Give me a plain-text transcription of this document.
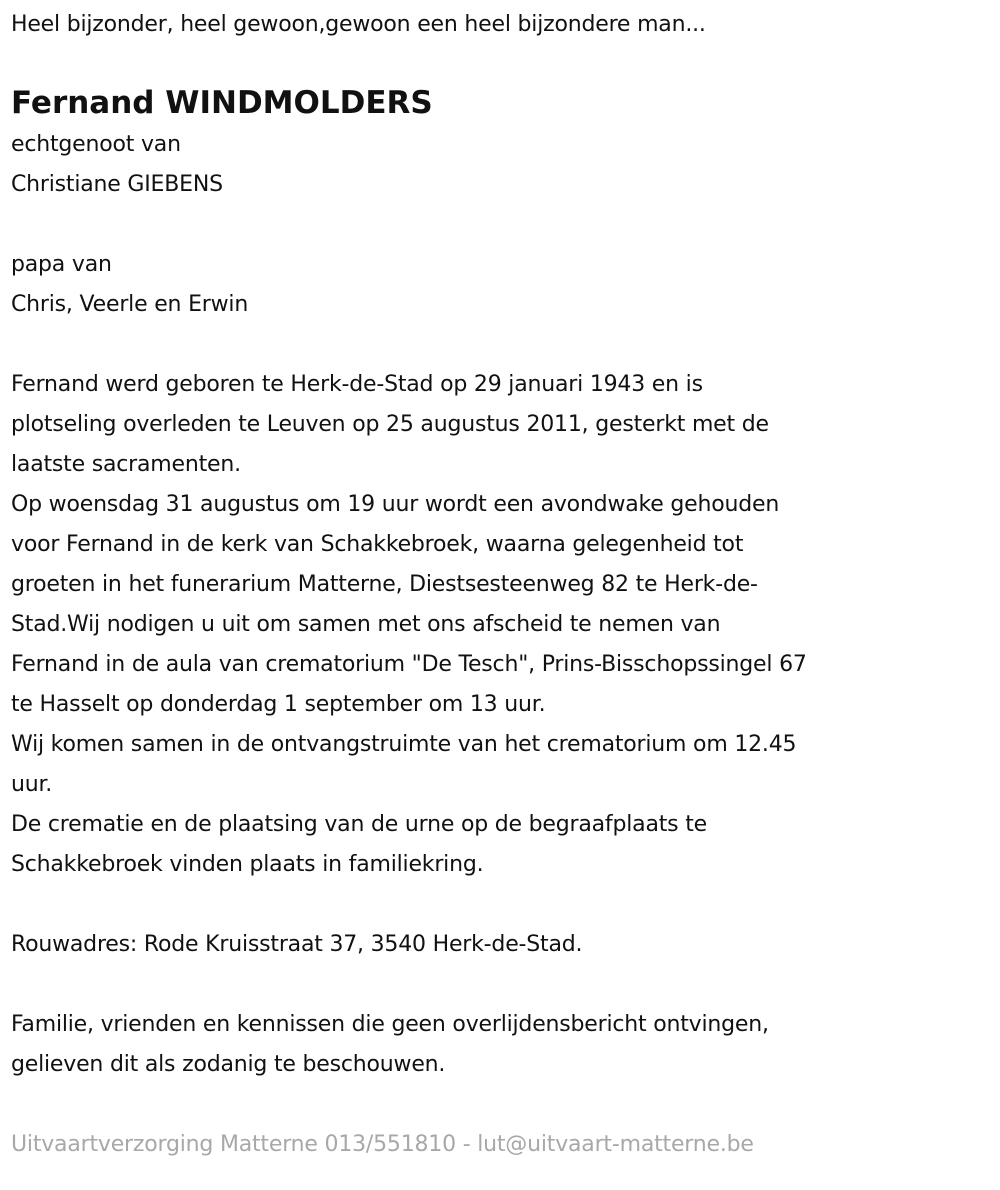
Heel bijzonder, heel gewoon,gewoon een heel bijzondere man...
Fernand WINDMOLDERS
echtgenoot van
Christiane GIEBENS
papa van
Chris, Veerle en Erwin
Fernand werd geboren te Herk-de-Stad op 29 januari 1943 en is
plotseling overleden te Leuven op 25 augustus 2011, gesterkt met de
laatste sacramenten.
Op woensdag 31 augustus om 19 uur wordt een avondwake gehouden
voor Fernand in de kerk van Schakkebroek, waarna gelegenheid tot
groeten in het funerarium Matterne, Diestsesteenweg 82 te Herk-de-
Stad.Wij nodigen u uit om samen met ons afscheid te nemen van
Fernand in de aula van crematorium "De Tesch", Prins-Bisschopssingel 67
te Hasselt op donderdag 1 september om 13 uur.
Wij komen samen in de ontvangstruimte van het crematorium om 12.45
uur.
De crematie en de plaatsing van de urne op de begraafplaats te
Schakkebroek vinden plaats in familiekring.
Rouwadres: Rode Kruisstraat 37, 3540 Herk-de-Stad.
Familie, vrienden en kennissen die geen overlijdensbericht ontvingen,
gelieven dit als zodanig te beschouwen.
Uitvaartverzorging Matterne 013/551810 - lut@uitvaart-matterne.be
